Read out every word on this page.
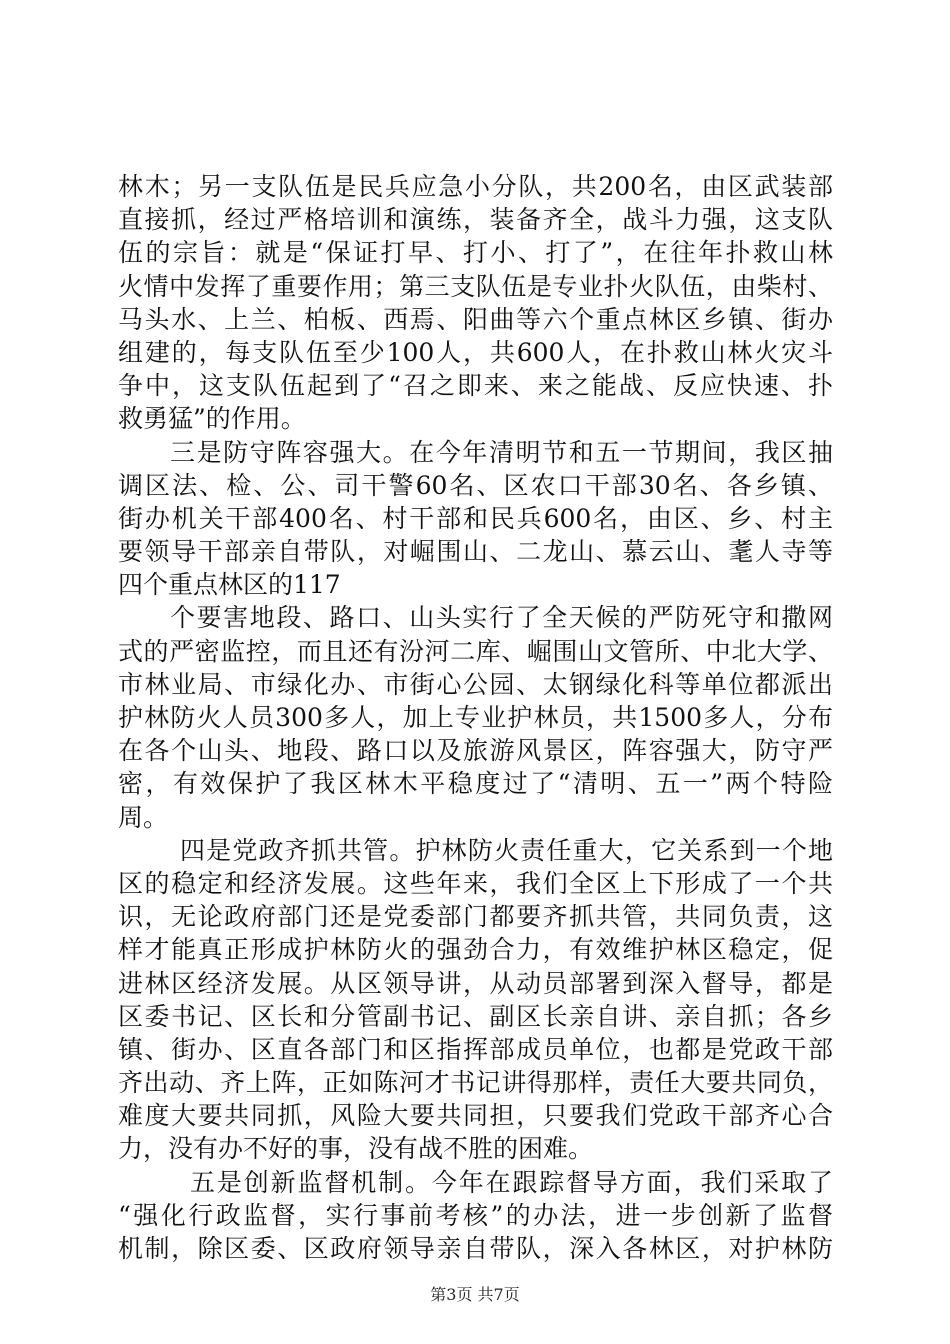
林木；另一支队伍是民兵应急小分队，共200名，由区武装部
直接抓，经过严格培训和演练，装备齐全，战斗力强，这支队
伍的宗旨：就是“保证打早、打小、打了”，在往年扑救山林
火情中发挥了重要作用；第三支队伍是专业扑火队伍，由柴村、
马头水、上兰、柏板、西焉、阳曲等六个重点林区乡镇、街办
组建的，每支队伍至少100人，共600人，在扑救山林火灾斗
争中，这支队伍起到了“召之即来、来之能战、反应快速、扑
救勇猛”的作用。
三是防守阵容强大。在今年清明节和五一节期间，我区抽
调区法、检、公、司干警60名、区农口干部30名、各乡镇、
街办机关干部400名、村干部和民兵600名，由区、乡、村主
要领导干部亲自带队，对崛围山、二龙山、慕云山、耄人寺等
四个重点林区的117
个要害地段、路口、山头实行了全天候的严防死守和撒网
式的严密监控，而且还有汾河二库、崛围山文管所、中北大学、
市林业局、市绿化办、市街心公园、太钢绿化科等单位都派出
护林防火人员300多人，加上专业护林员，共1500多人，分布
在各个山头、地段、路口以及旅游风景区，阵容强大，防守严
密，有效保护了我区林木平稳度过了“清明、五一”两个特险
周。
四是党政齐抓共管。护林防火责任重大，它关系到一个地
区的稳定和经济发展。这些年来，我们全区上下形成了一个共
识，无论政府部门还是党委部门都要齐抓共管，共同负责，这
样才能真正形成护林防火的强劲合力，有效维护林区稳定，促
进林区经济发展。从区领导讲，从动员部署到深入督导，都是
区委书记、区长和分管副书记、副区长亲自讲、亲自抓；各乡
镇、街办、区直各部门和区指挥部成员单位，也都是党政干部
齐出动、齐上阵，正如陈河才书记讲得那样，责任大要共同负，
难度大要共同抓，风险大要共同担，只要我们党政干部齐心合
力，没有办不好的事，没有战不胜的困难。
五是创新监督机制。今年在跟踪督导方面，我们采取了
“强化行政监督，实行事前考核”的办法，进一步创新了监督
机制，除区委、区政府领导亲自带队，深入各林区，对护林防
第3页 共7页
